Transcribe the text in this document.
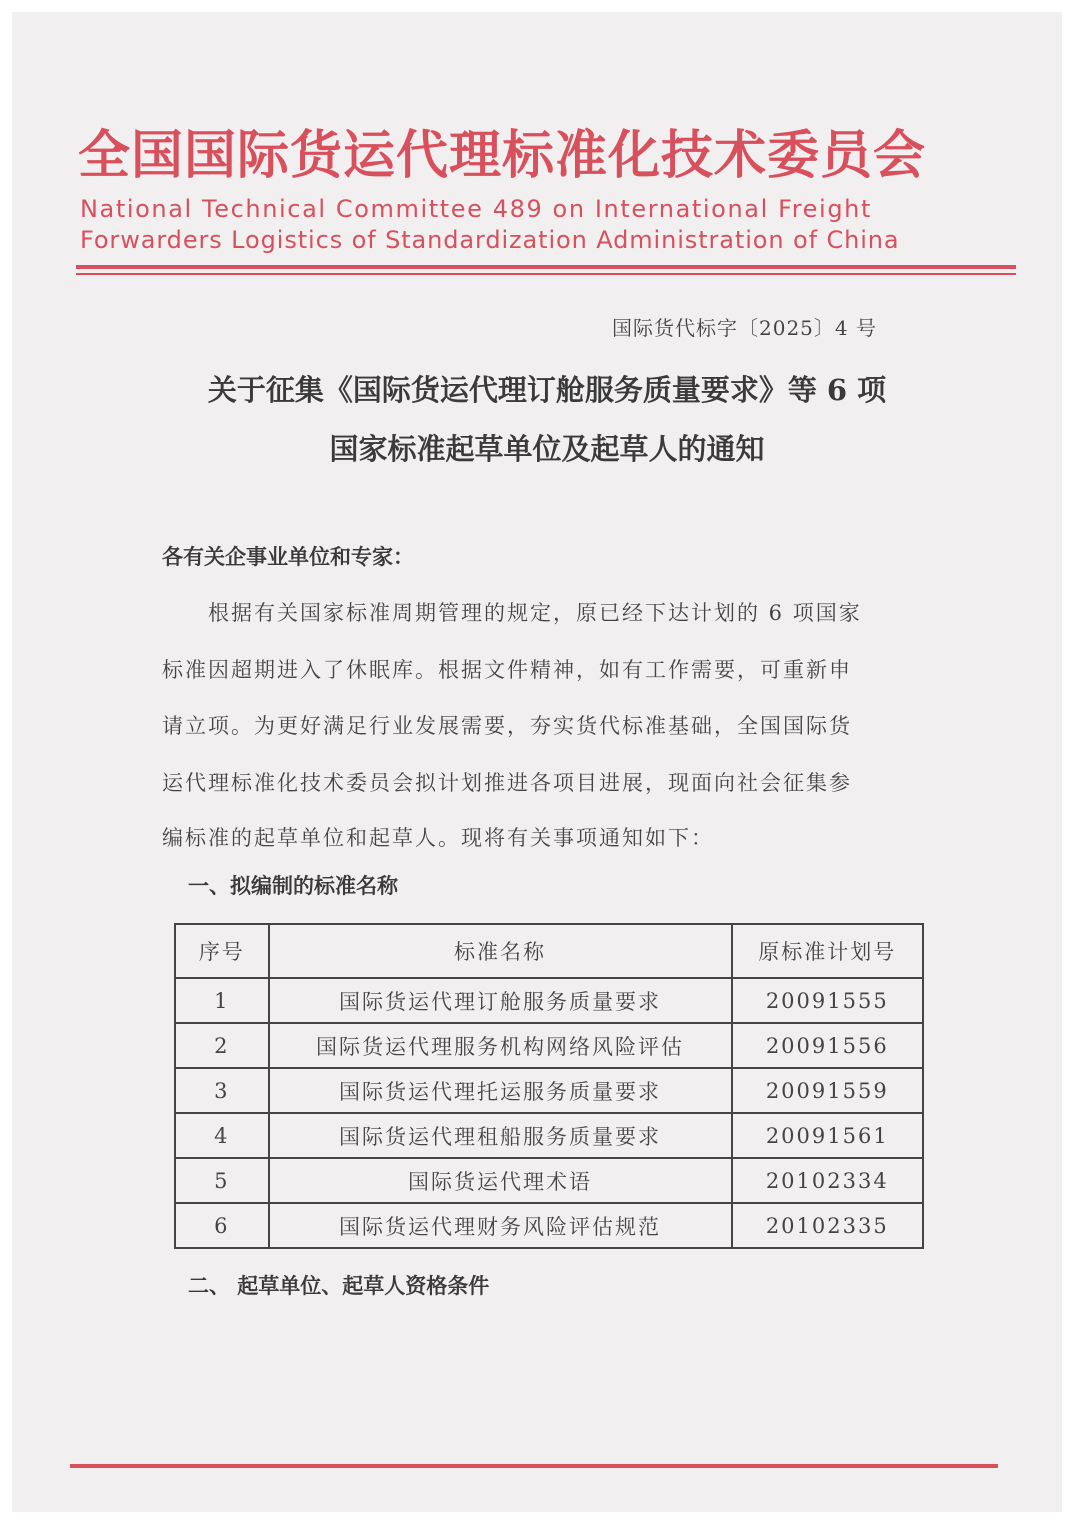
全国国际货运代理标准化技术委员会
National Technical Committee 489 on International Freight
Forwarders Logistics of Standardization Administration of China
国际货代标字〔2025〕4 号
关于征集《国际货运代理订舱服务质量要求》等 6 项
国家标准起草单位及起草人的通知
各有关企事业单位和专家：
　　根据有关国家标准周期管理的规定，原已经下达计划的 6 项国家
标准因超期进入了休眠库。根据文件精神，如有工作需要，可重新申
请立项。为更好满足行业发展需要，夯实货代标准基础，全国国际货
运代理标准化技术委员会拟计划推进各项目进展，现面向社会征集参
编标准的起草单位和起草人。现将有关事项通知如下：
一、拟编制的标准名称
序号	标准名称	原标准计划号
1	国际货运代理订舱服务质量要求	20091555
2	国际货运代理服务机构网络风险评估	20091556
3	国际货运代理托运服务质量要求	20091559
4	国际货运代理租船服务质量要求	20091561
5	国际货运代理术语	20102334
6	国际货运代理财务风险评估规范	20102335
二、 起草单位、起草人资格条件
